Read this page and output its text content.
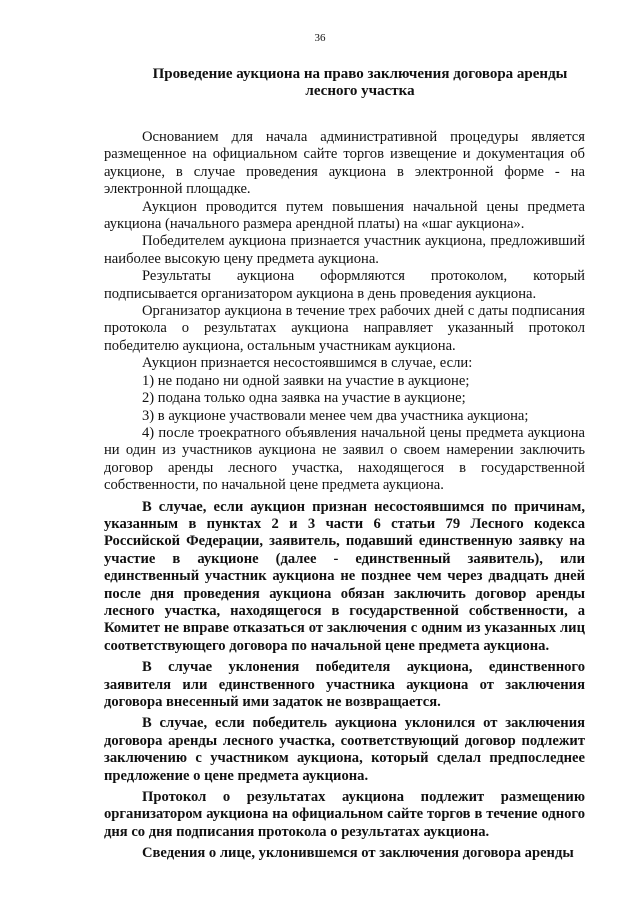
36
Проведение аукциона на право заключения договора аренды
лесного участка

Основанием для начала административной процедуры является размещенное на официальном сайте торгов извещение и документация об аукционе, в случае проведения аукциона в электронной форме - на электронной площадке.

Аукцион проводится путем повышения начальной цены предмета аукциона (начального размера арендной платы) на «шаг аукциона».

Победителем аукциона признается участник аукциона, предложивший наиболее высокую цену предмета аукциона.

Результаты аукциона оформляются протоколом, который подписывается организатором аукциона в день проведения аукциона.

Организатор аукциона в течение трех рабочих дней с даты подписания протокола о результатах аукциона направляет указанный протокол победителю аукциона, остальным участникам аукциона.

Аукцион признается несостоявшимся в случае, если:

1) не подано ни одной заявки на участие в аукционе;

2) подана только одна заявка на участие в аукционе;

3) в аукционе участвовали менее чем два участника аукциона;

4) после троекратного объявления начальной цены предмета аукциона ни один из участников аукциона не заявил о своем намерении заключить договор аренды лесного участка, находящегося в государственной собственности, по начальной цене предмета аукциона.

В случае, если аукцион признан несостоявшимся по причинам, указанным в пунктах 2 и 3 части 6 статьи 79 Лесного кодекса Российской Федерации, заявитель, подавший единственную заявку на участие в аукционе (далее - единственный заявитель), или единственный участник аукциона не позднее чем через двадцать дней после дня проведения аукциона обязан заключить договор аренды лесного участка, находящегося в государственной собственности, а Комитет не вправе отказаться от заключения с одним из указанных лиц соответствующего договора по начальной цене предмета аукциона.

В случае уклонения победителя аукциона, единственного заявителя или единственного участника аукциона от заключения договора внесенный ими задаток не возвращается.

В случае, если победитель аукциона уклонился от заключения договора аренды лесного участка, соответствующий договор подлежит заключению с участником аукциона, который сделал предпоследнее предложение о цене предмета аукциона.

Протокол о результатах аукциона подлежит размещению организатором аукциона на официальном сайте торгов в течение одного дня со дня подписания протокола о результатах аукциона.

Сведения о лице, уклонившемся от заключения договора аренды
